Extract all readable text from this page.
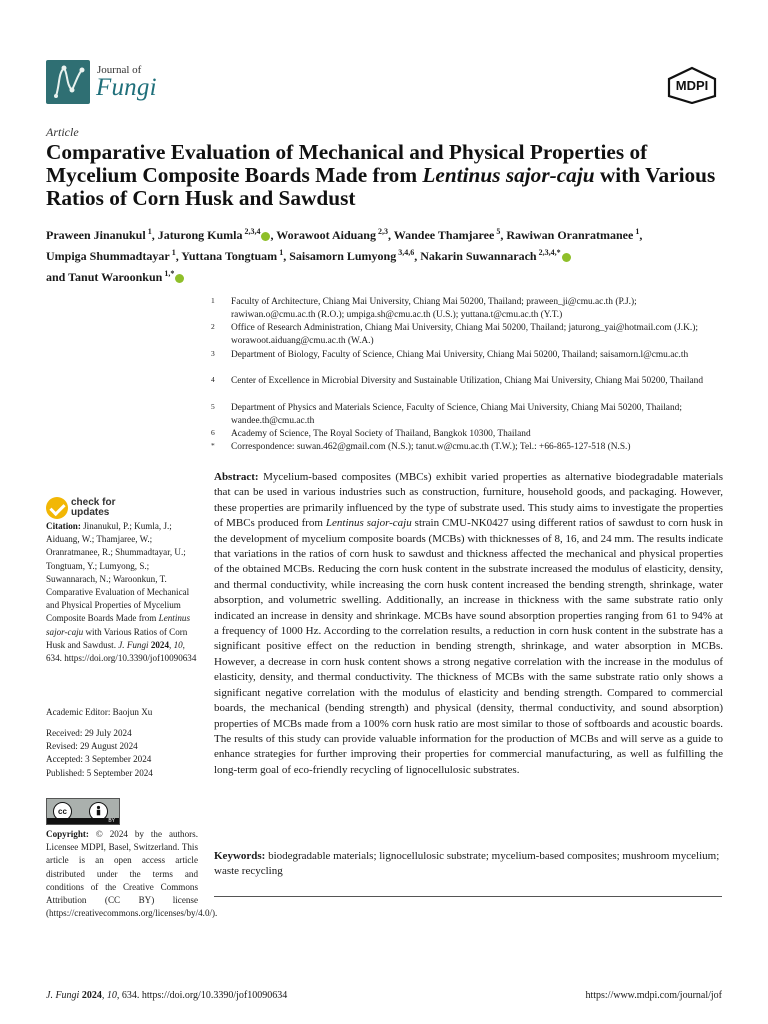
Journal of
Fungi	MDPI
Article
Comparative Evaluation of Mechanical and Physical Properties of Mycelium Composite Boards Made from Lentinus sajor-caju with Various Ratios of Corn Husk and Sawdust
Praween Jinanukul $^1$, Jaturong Kumla $^{2,3,4}$ , Worawoot Aiduang $^{2,3}$, Wandee Thamjaree $^5$, Rawiwan Oranratmanee $^1$,
Umpiga Shummadtayar $^1$, Yuttana Tongtuam $^1$, Saisamorn Lumyong $^{3,4,6}$, Nakarin Suwannarach $^{2,3,4,*}$
and Tanut Waroonkun $^{1,*}$
1 Faculty of Architecture, Chiang Mai University, Chiang Mai 50200, Thailand; praween_ji@cmu.ac.th (P.J.); rawiwan.o@cmu.ac.th (R.O.); umpiga.sh@cmu.ac.th (U.S.); yuttana.t@cmu.ac.th (Y.T.)
2 Office of Research Administration, Chiang Mai University, Chiang Mai 50200, Thailand; jaturong_yai@hotmail.com (J.K.); worawoot.aiduang@cmu.ac.th (W.A.)
3 Department of Biology, Faculty of Science, Chiang Mai University, Chiang Mai 50200, Thailand; saisamorn.l@cmu.ac.th
4 Center of Excellence in Microbial Diversity and Sustainable Utilization, Chiang Mai University, Chiang Mai 50200, Thailand
5 Department of Physics and Materials Science, Faculty of Science, Chiang Mai University, Chiang Mai 50200, Thailand; wandee.th@cmu.ac.th
6 Academy of Science, The Royal Society of Thailand, Bangkok 10300, Thailand
* Correspondence: suwan.462@gmail.com (N.S.); tanut.w@cmu.ac.th (T.W.); Tel.: +66-865-127-518 (N.S.)
check for
updates
Citation: Jinanukul, P.; Kumla, J.; Aiduang, W.; Thamjaree, W.; Oranratmanee, R.; Shummadtayar, U.; Tongtuam, Y.; Lumyong, S.; Suwannarach, N.; Waroonkun, T. Comparative Evaluation of Mechanical and Physical Properties of Mycelium Composite Boards Made from Lentinus sajor-caju with Various Ratios of Corn Husk and Sawdust. J. Fungi 2024, 10, 634. https://doi.org/10.3390/jof10090634
Academic Editor: Baojun Xu
Received: 29 July 2024
Revised: 29 August 2024
Accepted: 3 September 2024
Published: 5 September 2024
cc
BY
Copyright: © 2024 by the authors. Licensee MDPI, Basel, Switzerland. This article is an open access article distributed under the terms and conditions of the Creative Commons Attribution (CC BY) license (https://creativecommons.org/licenses/by/4.0/).
Abstract: Mycelium-based composites (MBCs) exhibit varied properties as alternative biodegradable materials that can be used in various industries such as construction, furniture, household goods, and packaging. However, these properties are primarily influenced by the type of substrate used. This study aims to investigate the properties of MBCs produced from Lentinus sajor-caju strain CMU-NK0427 using different ratios of sawdust to corn husk in the development of mycelium composite boards (MCBs) with thicknesses of 8, 16, and 24 mm. The results indicate that variations in the ratios of corn husk to sawdust and thickness affected the mechanical and physical properties of the obtained MCBs. Reducing the corn husk content in the substrate increased the modulus of elasticity, density, and thermal conductivity, while increasing the corn husk content increased the bending strength, shrinkage, water absorption, and volumetric swelling. Additionally, an increase in thickness with the same substrate ratio only indicated an increase in density and shrinkage. MCBs have sound absorption properties ranging from 61 to 94% at a frequency of 1000 Hz. According to the correlation results, a reduction in corn husk content in the substrate has a significant positive effect on the reduction in bending strength, shrinkage, and water absorption in MCBs. However, a decrease in corn husk content shows a strong negative correlation with the increase in the modulus of elasticity, density, and thermal conductivity. The thickness of MCBs with the same substrate ratio only shows a significant negative correlation with the modulus of elasticity and bending strength. Compared to commercial boards, the mechanical (bending strength) and physical (density, thermal conductivity, and sound absorption) properties of MCBs made from a 100% corn husk ratio are most similar to those of softboards and acoustic boards. The results of this study can provide valuable information for the production of MCBs and will serve as a guide to enhance strategies for further improving their properties for commercial manufacturing, as well as fulfilling the long-term goal of eco-friendly recycling of lignocellulosic substrates.
Keywords: biodegradable materials; lignocellulosic substrate; mycelium-based composites; mushroom mycelium; waste recycling
J. Fungi 2024, 10, 634. https://doi.org/10.3390/jof10090634	https://www.mdpi.com/journal/jof
